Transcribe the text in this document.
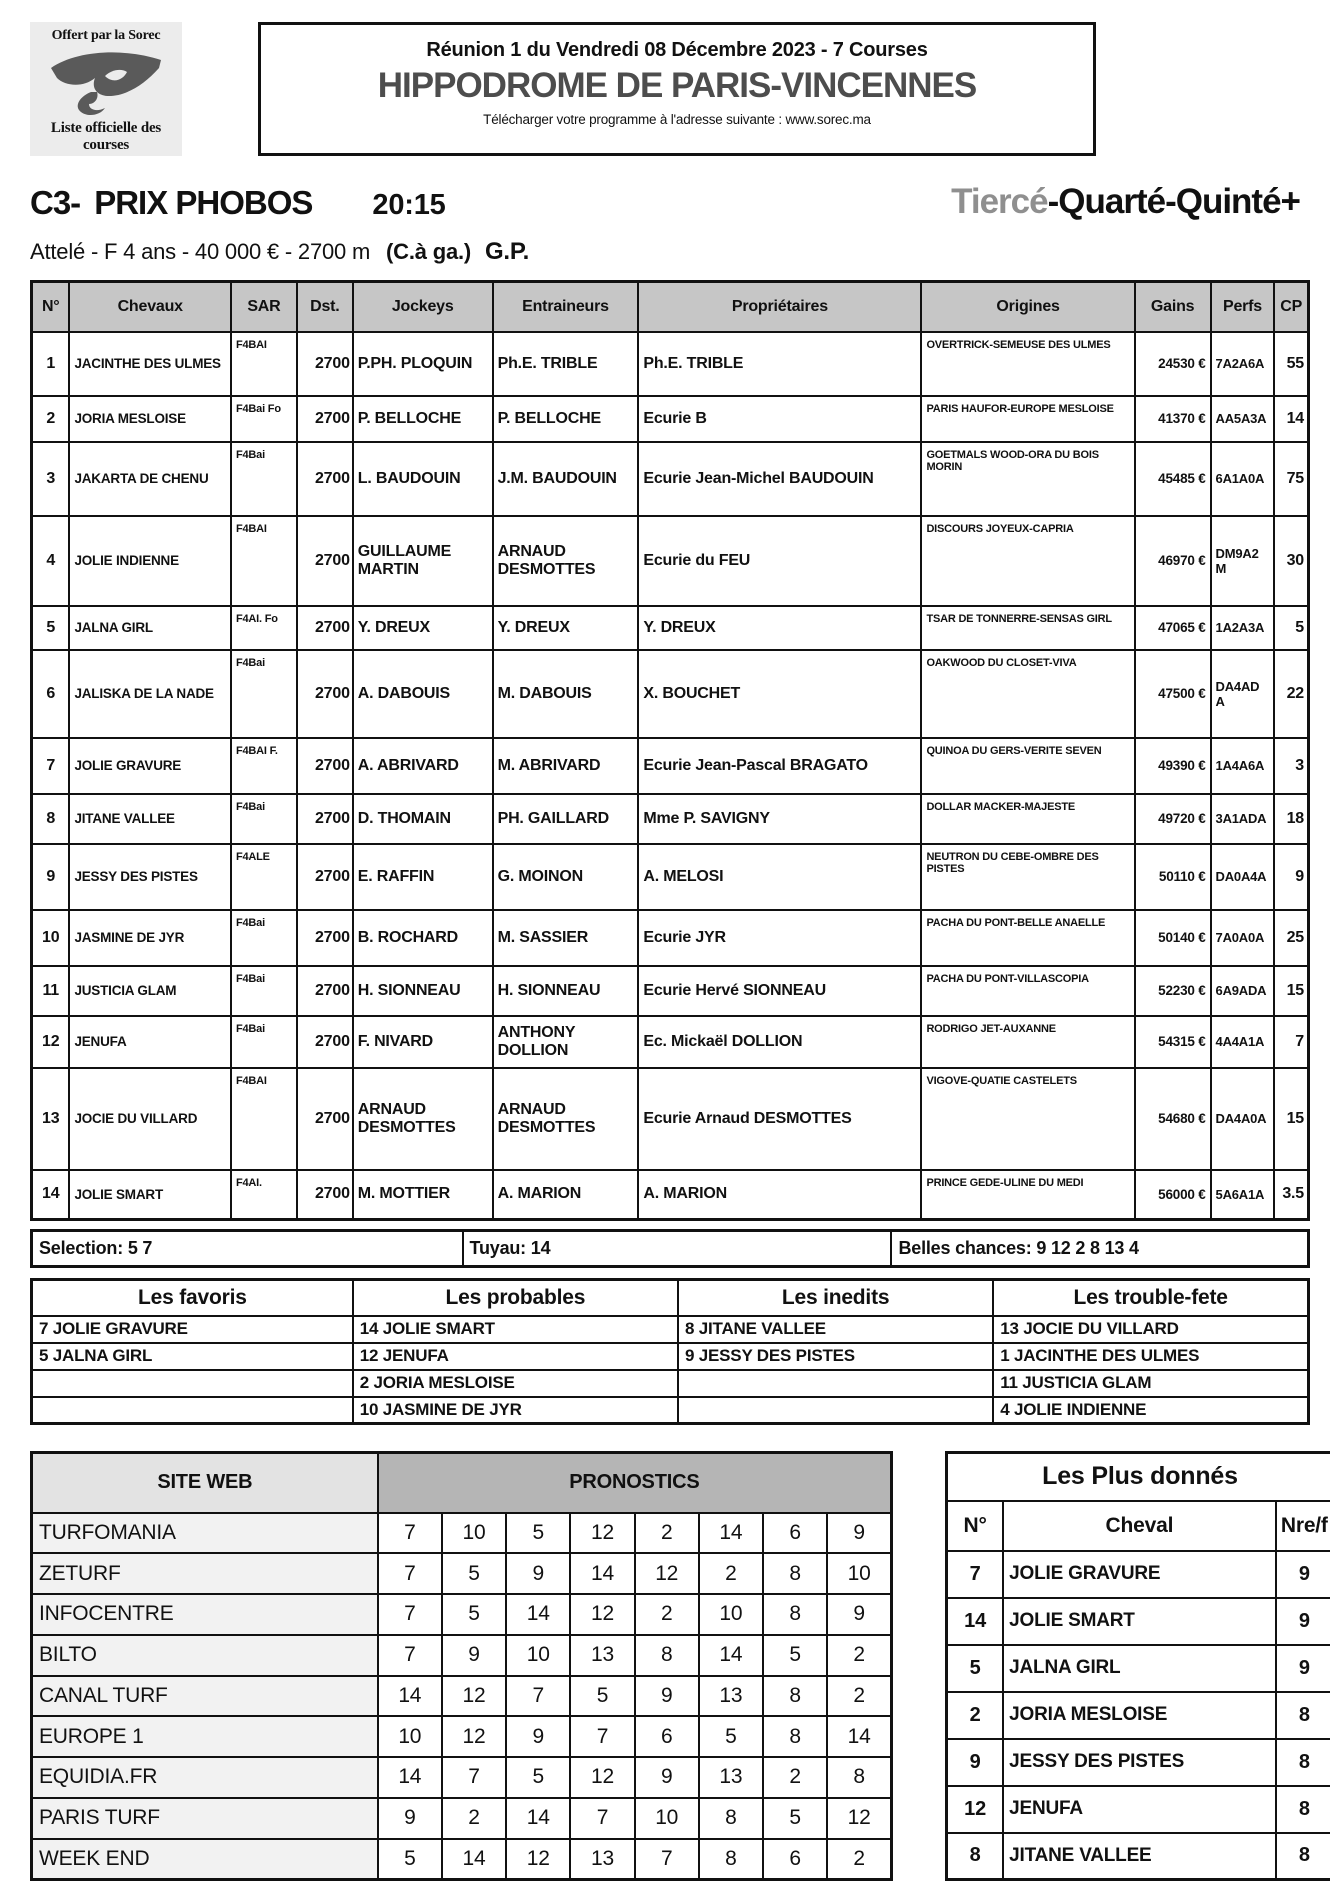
Offert par la Sorec
Liste officielle des courses
Réunion 1 du Vendredi 08 Décembre 2023 - 7 Courses
HIPPODROME DE PARIS-VINCENNES
Télécharger votre programme à l'adresse suivante : www.sorec.ma
C3- PRIX PHOBOS 20:15	Tiercé-Quarté-Quinté+
Attelé - F 4 ans - 40 000 € - 2700 m (C.à ga.) G.P.
N°	Chevaux	SAR	Dst.	Jockeys	Entraineurs	Propriétaires	Origines	Gains	Perfs	CP
1	JACINTHE DES ULMES	F4BAI	2700	P.PH. PLOQUIN	Ph.E. TRIBLE	Ph.E. TRIBLE	OVERTRICK-SEMEUSE DES ULMES	24530 €	7A2A6A	55
2	JORIA MESLOISE	F4Bai Fo	2700	P. BELLOCHE	P. BELLOCHE	Ecurie B	PARIS HAUFOR-EUROPE MESLOISE	41370 €	AA5A3A	14
3	JAKARTA DE CHENU	F4Bai	2700	L. BAUDOUIN	J.M. BAUDOUIN	Ecurie Jean-Michel BAUDOUIN	GOETMALS WOOD-ORA DU BOIS MORIN	45485 €	6A1A0A	75
4	JOLIE INDIENNE	F4BAI	2700	GUILLAUME MARTIN	ARNAUD DESMOTTES	Ecurie du FEU	DISCOURS JOYEUX-CAPRIA	46970 €	DM9A2 M	30
5	JALNA GIRL	F4AI. Fo	2700	Y. DREUX	Y. DREUX	Y. DREUX	TSAR DE TONNERRE-SENSAS GIRL	47065 €	1A2A3A	5
6	JALISKA DE LA NADE	F4Bai	2700	A. DABOUIS	M. DABOUIS	X. BOUCHET	OAKWOOD DU CLOSET-VIVA	47500 €	DA4AD A	22
7	JOLIE GRAVURE	F4BAI F.	2700	A. ABRIVARD	M. ABRIVARD	Ecurie Jean-Pascal BRAGATO	QUINOA DU GERS-VERITE SEVEN	49390 €	1A4A6A	3
8	JITANE VALLEE	F4Bai	2700	D. THOMAIN	PH. GAILLARD	Mme P. SAVIGNY	DOLLAR MACKER-MAJESTE	49720 €	3A1ADA	18
9	JESSY DES PISTES	F4ALE	2700	E. RAFFIN	G. MOINON	A. MELOSI	NEUTRON DU CEBE-OMBRE DES PISTES	50110 €	DA0A4A	9
10	JASMINE DE JYR	F4Bai	2700	B. ROCHARD	M. SASSIER	Ecurie JYR	PACHA DU PONT-BELLE ANAELLE	50140 €	7A0A0A	25
11	JUSTICIA GLAM	F4Bai	2700	H. SIONNEAU	H. SIONNEAU	Ecurie Hervé SIONNEAU	PACHA DU PONT-VILLASCOPIA	52230 €	6A9ADA	15
12	JENUFA	F4Bai	2700	F. NIVARD	ANTHONY DOLLION	Ec. Mickaël DOLLION	RODRIGO JET-AUXANNE	54315 €	4A4A1A	7
13	JOCIE DU VILLARD	F4BAI	2700	ARNAUD DESMOTTES	ARNAUD DESMOTTES	Ecurie Arnaud DESMOTTES	VIGOVE-QUATIE CASTELETS	54680 €	DA4A0A	15
14	JOLIE SMART	F4AI.	2700	M. MOTTIER	A. MARION	A. MARION	PRINCE GEDE-ULINE DU MEDI	56000 €	5A6A1A	3.5
Selection: 5 7	Tuyau: 14	Belles chances: 9 12 2 8 13 4
Les favoris	Les probables	Les inedits	Les trouble-fete
7 JOLIE GRAVURE	14 JOLIE SMART	8 JITANE VALLEE	13 JOCIE DU VILLARD
5 JALNA GIRL	12 JENUFA	9 JESSY DES PISTES	1 JACINTHE DES ULMES
	2 JORIA MESLOISE		11 JUSTICIA GLAM
	10 JASMINE DE JYR		4 JOLIE INDIENNE
SITE WEB	PRONOSTICS							
TURFOMANIA	7	10	5	12	2	14	6	9
ZETURF	7	5	9	14	12	2	8	10
INFOCENTRE	7	5	14	12	2	10	8	9
BILTO	7	9	10	13	8	14	5	2
CANAL TURF	14	12	7	5	9	13	8	2
EUROPE 1	10	12	9	7	6	5	8	14
EQUIDIA.FR	14	7	5	12	9	13	2	8
PARIS TURF	9	2	14	7	10	8	5	12
WEEK END	5	14	12	13	7	8	6	2
Les Plus donnés		
N°	Cheval	Nre/f
7	JOLIE GRAVURE	9
14	JOLIE SMART	9
5	JALNA GIRL	9
2	JORIA MESLOISE	8
9	JESSY DES PISTES	8
12	JENUFA	8
8	JITANE VALLEE	8
